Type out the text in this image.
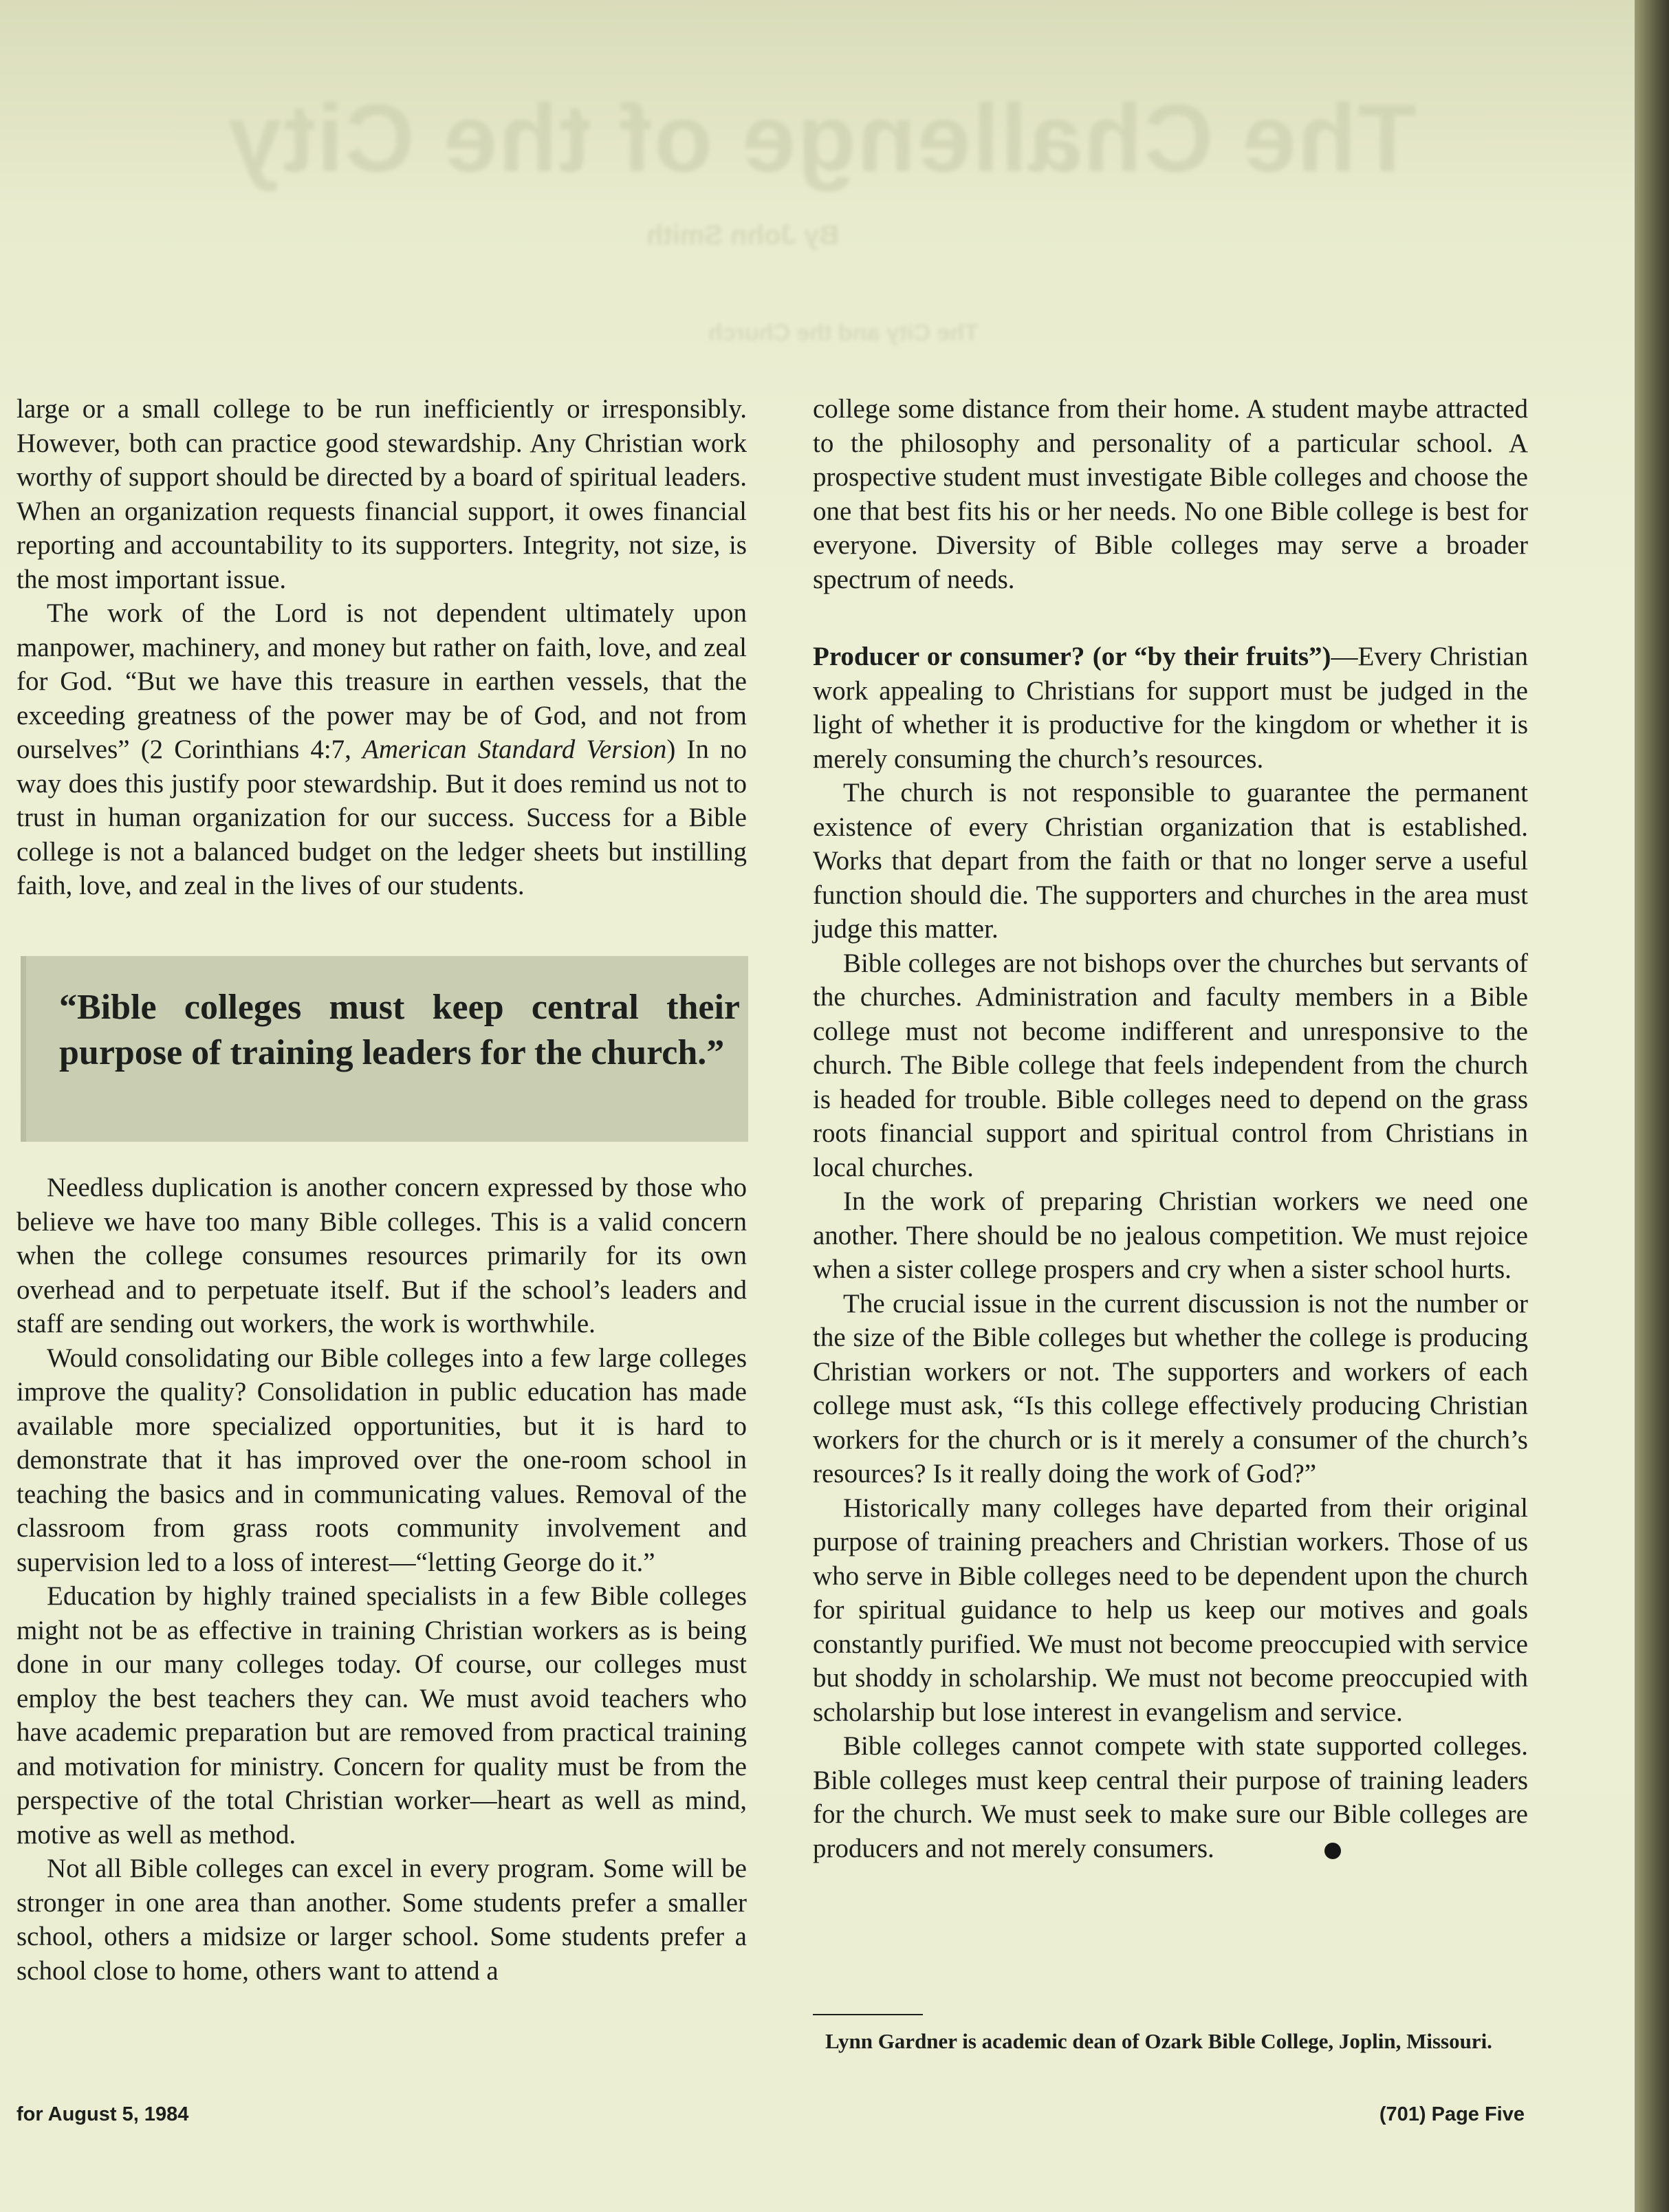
The Challenge of the City
By John Smith
The City and the Church

large or a small college to be run inefficiently or irresponsibly. However, both can practice good stewardship. Any Christian work worthy of support should be directed by a board of spiritual leaders. When an organization requests financial support, it owes financial reporting and accountability to its supporters. Integrity, not size, is the most important issue.

The work of the Lord is not dependent ultimately upon manpower, machinery, and money but rather on faith, love, and zeal for God. “But we have this treasure in earthen vessels, that the exceeding greatness of the power may be of God, and not from ourselves” (2 Corinthians 4:7, American Standard Version) In no way does this justify poor stewardship. But it does remind us not to trust in human organization for our success. Success for a Bible college is not a balanced budget on the ledger sheets but instilling faith, love, and zeal in the lives of our students.

“Bible colleges must keep central their purpose of training leaders for the church.”

Needless duplication is another concern expressed by those who believe we have too many Bible colleges. This is a valid concern when the college consumes resources primarily for its own overhead and to perpetuate itself. But if the school’s leaders and staff are sending out workers, the work is worthwhile.

Would consolidating our Bible colleges into a few large colleges improve the quality? Consolidation in public education has made available more specialized opportunities, but it is hard to demonstrate that it has improved over the one-room school in teaching the basics and in communicating values. Removal of the classroom from grass roots community involvement and supervision led to a loss of interest—“letting George do it.”

Education by highly trained specialists in a few Bible colleges might not be as effective in training Christian workers as is being done in our many colleges today. Of course, our colleges must employ the best teachers they can. We must avoid teachers who have academic preparation but are removed from practical training and motivation for ministry. Concern for quality must be from the perspective of the total Christian worker—heart as well as mind, motive as well as method.

Not all Bible colleges can excel in every program. Some will be stronger in one area than another. Some students prefer a smaller school, others a midsize or larger school. Some students prefer a school close to home, others want to attend a

college some distance from their home. A student maybe attracted to the philosophy and personality of a particular school. A prospective student must investigate Bible colleges and choose the one that best fits his or her needs. No one Bible college is best for everyone. Diversity of Bible colleges may serve a broader spectrum of needs.

Producer or consumer? (or “by their fruits”)—Every Christian work appealing to Christians for support must be judged in the light of whether it is productive for the kingdom or whether it is merely consuming the church’s resources.

The church is not responsible to guarantee the permanent existence of every Christian organization that is established. Works that depart from the faith or that no longer serve a useful function should die. The supporters and churches in the area must judge this matter.

Bible colleges are not bishops over the churches but servants of the churches. Administration and faculty members in a Bible college must not become indifferent and unresponsive to the church. The Bible college that feels independent from the church is headed for trouble. Bible colleges need to depend on the grass roots financial support and spiritual control from Christians in local churches.

In the work of preparing Christian workers we need one another. There should be no jealous competition. We must rejoice when a sister college prospers and cry when a sister school hurts.

The crucial issue in the current discussion is not the number or the size of the Bible colleges but whether the college is producing Christian workers or not. The supporters and workers of each college must ask, “Is this college effectively producing Christian workers for the church or is it merely a consumer of the church’s resources? Is it really doing the work of God?”

Historically many colleges have departed from their original purpose of training preachers and Christian workers. Those of us who serve in Bible colleges need to be dependent upon the church for spiritual guidance to help us keep our motives and goals constantly purified. We must not become preoccupied with service but shoddy in scholarship. We must not become preoccupied with scholarship but lose interest in evangelism and service.

Bible colleges cannot compete with state supported colleges. Bible colleges must keep central their purpose of training leaders for the church. We must seek to make sure our Bible colleges are producers and not merely consumers.

Lynn Gardner is academic dean of Ozark Bible College, Joplin, Missouri.
for August 5, 1984	(701) Page Five
